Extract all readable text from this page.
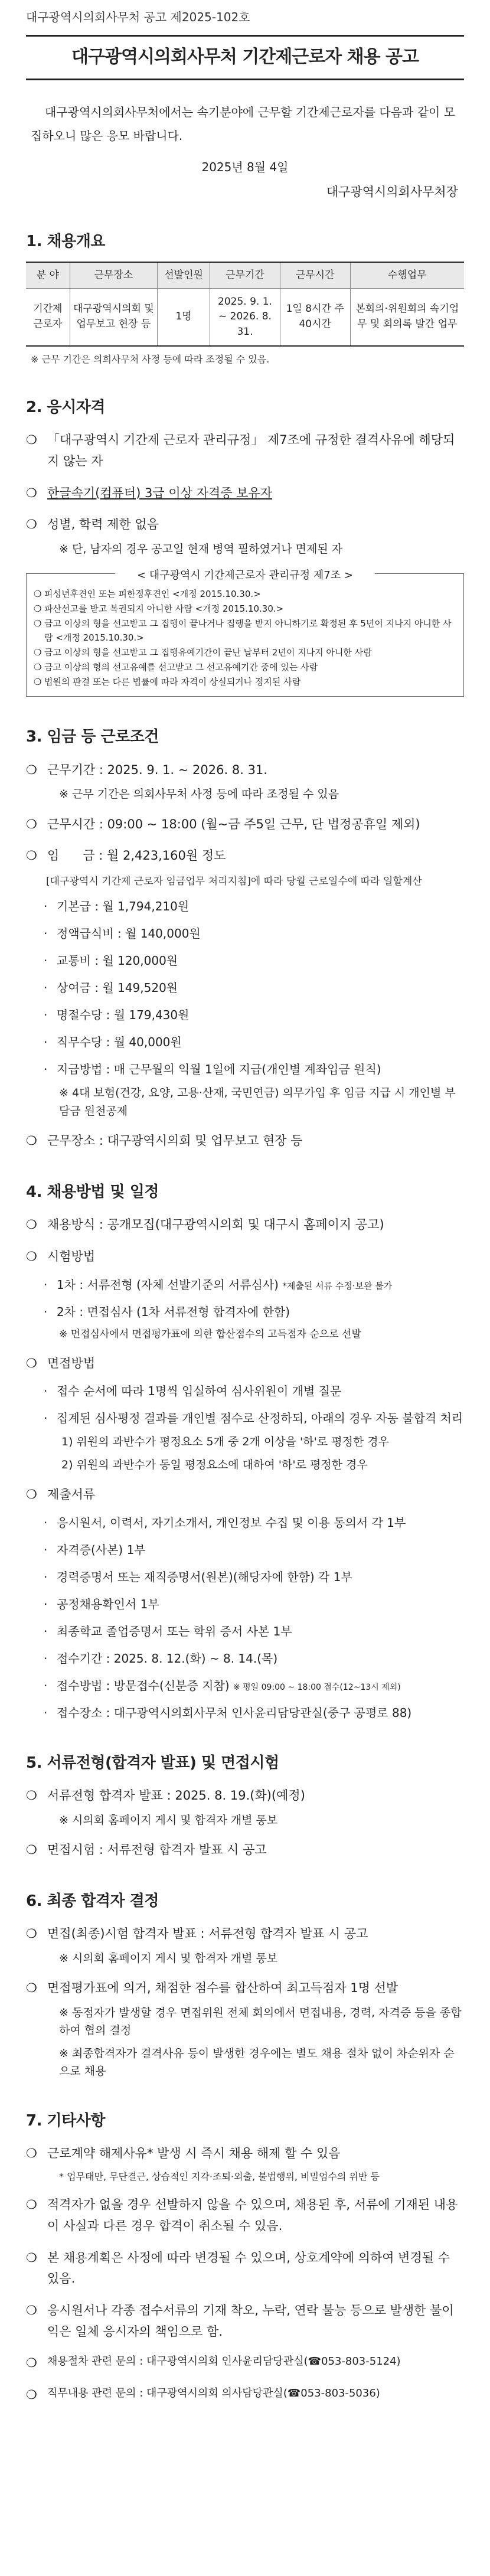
대구광역시의회사무처 공고 제2025-102호
대구광역시의회사무처 기간제근로자 채용 공고

대구광역시의회사무처에서는 속기분야에 근무할 기간제근로자를 다음과 같이 모집하오니 많은 응모 바랍니다.

2025년 8월 4일
대구광역시의회사무처장
1. 채용개요
분 야	근무장소	선발인원	근무기간	근무시간	수행업무
기간제 근로자	대구광역시의회 및 업무보고 현장 등	1명	2025. 9. 1. ~ 2026. 8. 31.	1일 8시간 주 40시간	본회의·위원회의 속기업무 및 회의록 발간 업무
※ 근무 기간은 의회사무처 사정 등에 따라 조정될 수 있음.
2. 응시자격
❍ 「대구광역시 기간제 근로자 관리규정」 제7조에 규정한 결격사유에 해당되지 않는 자
❍ 한글속기(컴퓨터) 3급 이상 자격증 보유자
❍ 성별, 학력 제한 없음
※ 단, 남자의 경우 공고일 현재 병역 필하였거나 면제된 자
< 대구광역시 기간제근로자 관리규정 제7조 >
❍ 피성년후견인 또는 피한정후견인 <개정 2015.10.30.>
❍ 파산선고를 받고 복권되지 아니한 사람 <개정 2015.10.30.>
❍ 금고 이상의 형을 선고받고 그 집행이 끝나거나 집행을 받지 아니하기로 확정된 후 5년이 지나지 아니한 사람 <개정 2015.10.30.>
❍ 금고 이상의 형을 선고받고 그 집행유예기간이 끝난 날부터 2년이 지나지 아니한 사람
❍ 금고 이상의 형의 선고유예를 선고받고 그 선고유예기간 중에 있는 사람
❍ 법원의 판결 또는 다른 법률에 따라 자격이 상실되거나 정지된 사람
3. 임금 등 근로조건
❍ 근무기간 : 2025. 9. 1. ~ 2026. 8. 31.
※ 근무 기간은 의회사무처 사정 등에 따라 조정될 수 있음
❍ 근무시간 : 09:00 ~ 18:00 (월~금 주5일 근무, 단 법정공휴일 제외)
❍ 임      금 : 월 2,423,160원 정도
[대구광역시 기간제 근로자 임금업무 처리지침]에 따라 당월 근로일수에 따라 일할계산
· 기본급 : 월 1,794,210원
· 정액급식비 : 월 140,000원
· 교통비 : 월 120,000원
· 상여금 : 월 149,520원
· 명절수당 : 월 179,430원
· 직무수당 : 월 40,000원
· 지급방법 : 매 근무월의 익월 1일에 지급(개인별 계좌입금 원칙)
※ 4대 보험(건강, 요양, 고용·산재, 국민연금) 의무가입 후 임금 지급 시 개인별 부담금 원천공제
❍ 근무장소 : 대구광역시의회 및 업무보고 현장 등
4. 채용방법 및 일정
❍ 채용방식 : 공개모집(대구광역시의회 및 대구시 홈페이지 공고)
❍ 시험방법
· 1차 : 서류전형 (자체 선발기준의 서류심사) *제출된 서류 수정·보완 불가
· 2차 : 면접심사 (1차 서류전형 합격자에 한함)
※ 면접심사에서 면접평가표에 의한 합산점수의 고득점자 순으로 선발
❍ 면접방법
· 접수 순서에 따라 1명씩 입실하여 심사위원이 개별 질문
· 집계된 심사평정 결과를 개인별 점수로 산정하되, 아래의 경우 자동 불합격 처리
1) 위원의 과반수가 평정요소 5개 중 2개 이상을 '하'로 평정한 경우
2) 위원의 과반수가 동일 평정요소에 대하여 '하'로 평정한 경우
❍ 제출서류
· 응시원서, 이력서, 자기소개서, 개인정보 수집 및 이용 동의서 각 1부
· 자격증(사본) 1부
· 경력증명서 또는 재직증명서(원본)(해당자에 한함) 각 1부
· 공정채용확인서 1부
· 최종학교 졸업증명서 또는 학위 증서 사본 1부
· 접수기간 : 2025. 8. 12.(화) ~ 8. 14.(목)
· 접수방법 : 방문접수(신분증 지참) ※ 평일 09:00 ~ 18:00 접수(12~13시 제외)
· 접수장소 : 대구광역시의회사무처 인사윤리담당관실(중구 공평로 88)
5. 서류전형(합격자 발표) 및 면접시험
❍ 서류전형 합격자 발표 : 2025. 8. 19.(화)(예정)
※ 시의회 홈페이지 게시 및 합격자 개별 통보
❍ 면접시험 : 서류전형 합격자 발표 시 공고
6. 최종 합격자 결정
❍ 면접(최종)시험 합격자 발표 : 서류전형 합격자 발표 시 공고
※ 시의회 홈페이지 게시 및 합격자 개별 통보
❍ 면접평가표에 의거, 채점한 점수를 합산하여 최고득점자 1명 선발
※ 동점자가 발생할 경우 면접위원 전체 회의에서 면접내용, 경력, 자격증 등을 종합하여 협의 결정
※ 최종합격자가 결격사유 등이 발생한 경우에는 별도 채용 절차 없이 차순위자 순으로 채용
7. 기타사항
❍ 근로계약 해제사유* 발생 시 즉시 채용 해제 할 수 있음
* 업무태만, 무단결근, 상습적인 지각·조퇴·외출, 불법행위, 비밀엄수의 위반 등
❍ 적격자가 없을 경우 선발하지 않을 수 있으며, 채용된 후, 서류에 기재된 내용이 사실과 다른 경우 합격이 취소될 수 있음.
❍ 본 채용계획은 사정에 따라 변경될 수 있으며, 상호계약에 의하여 변경될 수 있음.
❍ 응시원서나 각종 접수서류의 기재 착오, 누락, 연락 불능 등으로 발생한 불이익은 일체 응시자의 책임으로 함.
❍ 채용절차 관련 문의 : 대구광역시의회 인사윤리담당관실(☎053-803-5124)
❍ 직무내용 관련 문의 : 대구광역시의회 의사담당관실(☎053-803-5036)
